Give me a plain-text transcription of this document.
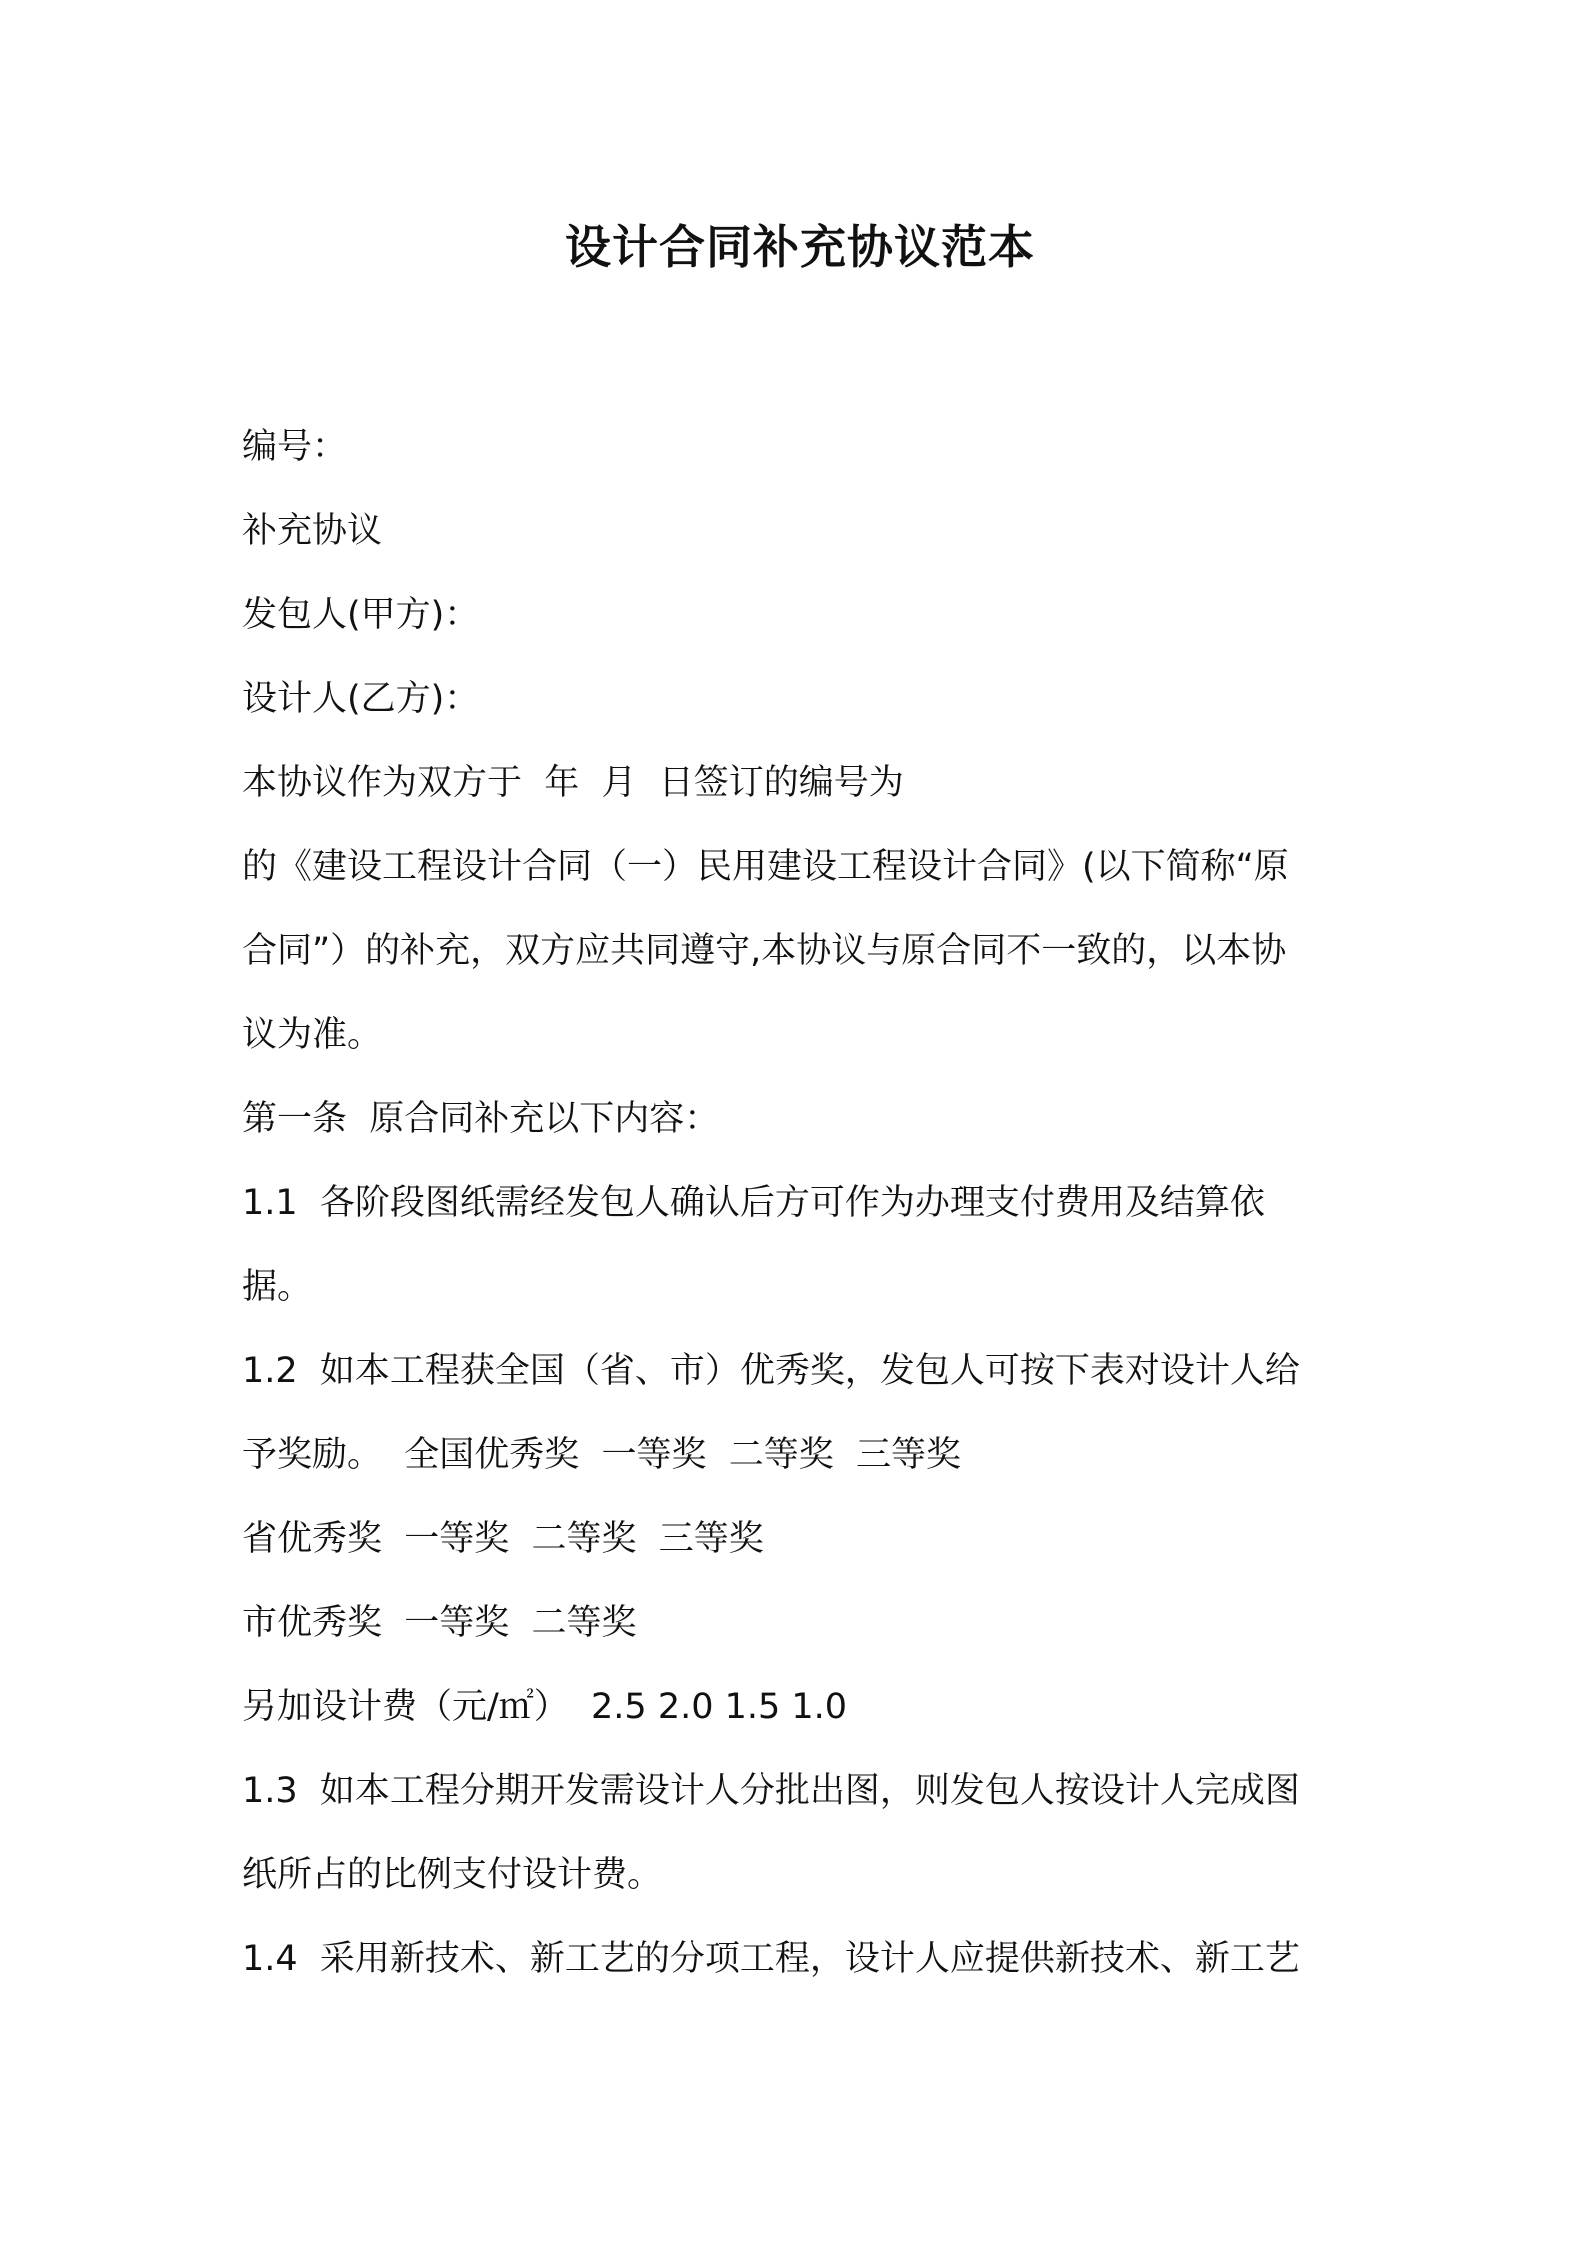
设计合同补充协议范本
编号：
补充协议
发包人(甲方)：
设计人(乙方)：
本协议作为双方于  年  月  日签订的编号为
的《建设工程设计合同（一）民用建设工程设计合同》(以下简称“原
合同”）的补充，双方应共同遵守,本协议与原合同不一致的，以本协
议为准。
第一条  原合同补充以下内容：
1.1  各阶段图纸需经发包人确认后方可作为办理支付费用及结算依
据。
1.2  如本工程获全国（省、市）优秀奖，发包人可按下表对设计人给
予奖励。  全国优秀奖  一等奖  二等奖  三等奖
省优秀奖  一等奖  二等奖  三等奖
市优秀奖  一等奖  二等奖
另加设计费（元/㎡）  2.5 2.0 1.5 1.0
1.3  如本工程分期开发需设计人分批出图，则发包人按设计人完成图
纸所占的比例支付设计费。
1.4  采用新技术、新工艺的分项工程，设计人应提供新技术、新工艺
